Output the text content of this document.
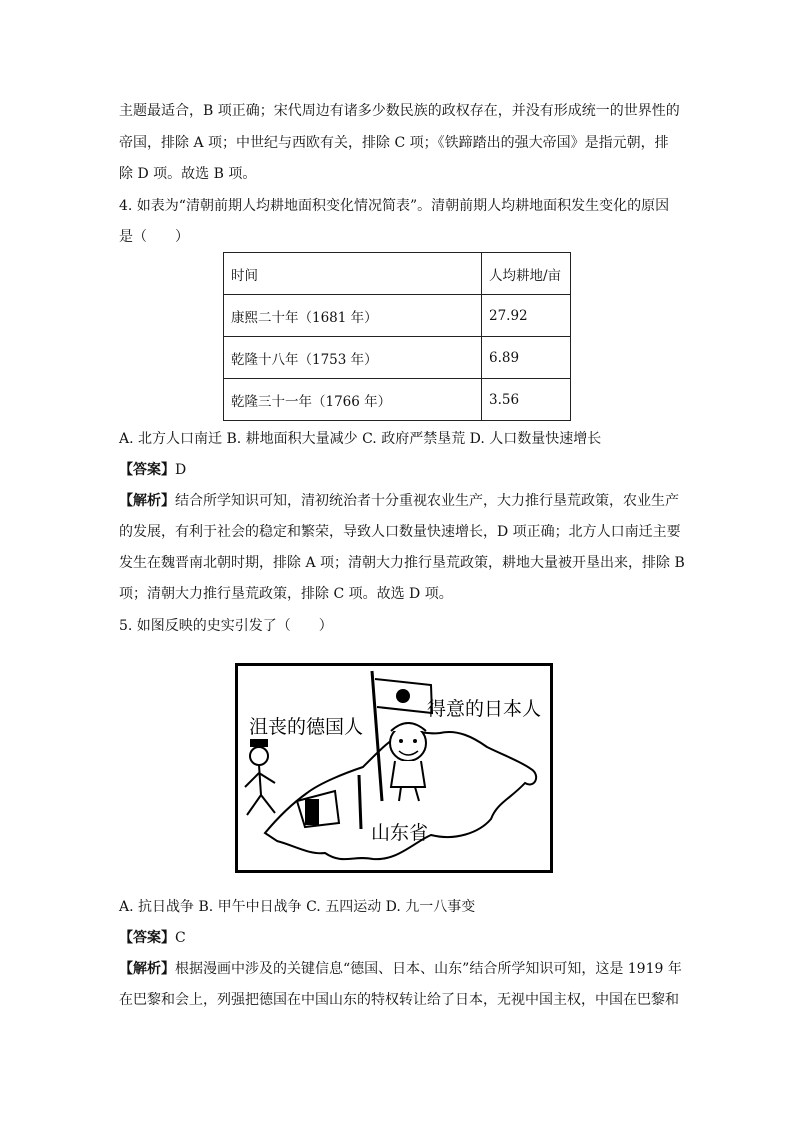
主题最适合，B 项正确；宋代周边有诸多少数民族的政权存在，并没有形成统一的世界性的
帝国，排除 A 项；中世纪与西欧有关，排除 C 项；《铁蹄踏出的强大帝国》是指元朝，排
除 D 项。故选 B 项。
4. 如表为“清朝前期人均耕地面积变化情况简表”。清朝前期人均耕地面积发生变化的原因
是（　　）
时间	人均耕地/亩
康熙二十年（1681 年）	27.92
乾隆十八年（1753 年）	6.89
乾隆三十一年（1766 年）	3.56
A. 北方人口南迁 B. 耕地面积大量减少 C. 政府严禁垦荒 D. 人口数量快速增长
【答案】D
【解析】结合所学知识可知，清初统治者十分重视农业生产，大力推行垦荒政策，农业生产
的发展，有利于社会的稳定和繁荣，导致人口数量快速增长，D 项正确；北方人口南迁主要
发生在魏晋南北朝时期，排除 A 项；清朝大力推行垦荒政策，耕地大量被开垦出来，排除 B
项；清朝大力推行垦荒政策，排除 C 项。故选 D 项。
5. 如图反映的史实引发了（　　）
沮丧的德国人
得意的日本人
山东省
A. 抗日战争 B. 甲午中日战争 C. 五四运动 D. 九一八事变
【答案】C
【解析】根据漫画中涉及的关键信息“德国、日本、山东”结合所学知识可知，这是 1919 年
在巴黎和会上，列强把德国在中国山东的特权转让给了日本，无视中国主权，中国在巴黎和
